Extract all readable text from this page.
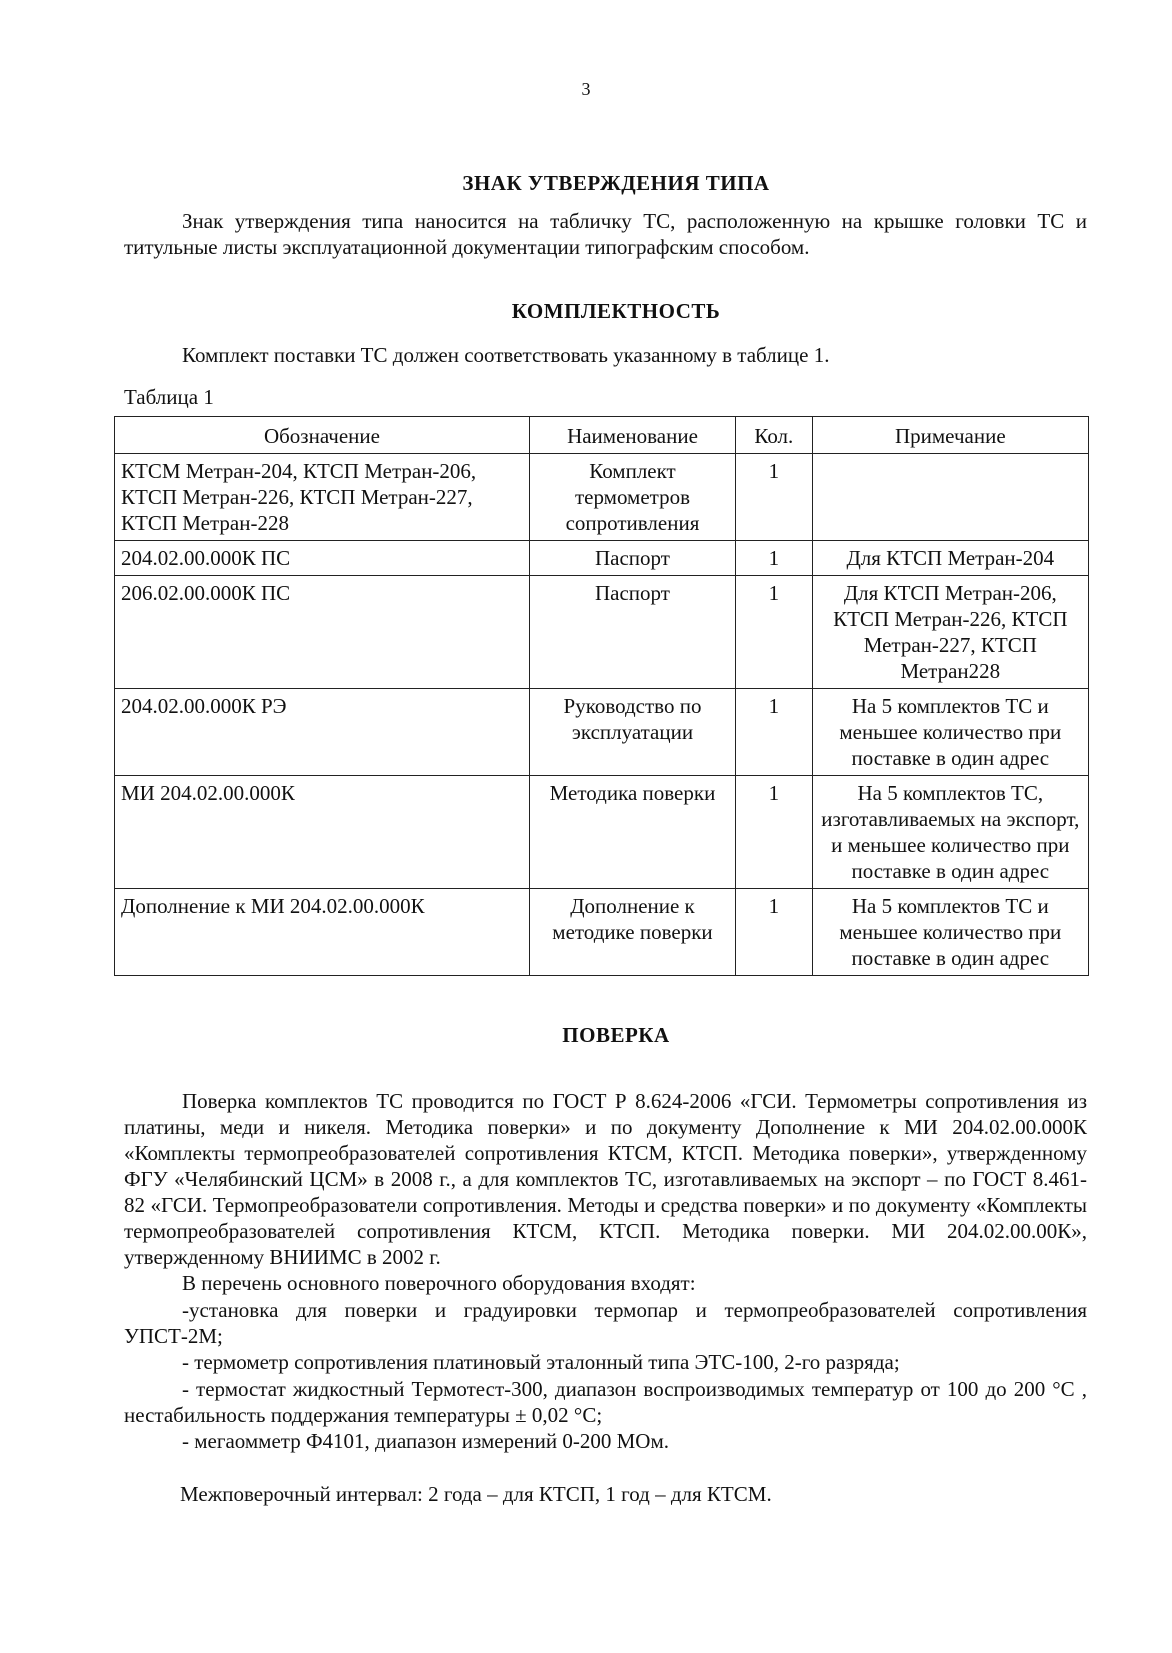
3
ЗНАК УТВЕРЖДЕНИЯ ТИПА
Знак утверждения типа наносится на табличку ТС, расположенную на крышке головки ТС и титульные листы эксплуатационной документации типографским способом.
КОМПЛЕКТНОСТЬ
Комплект поставки ТС должен соответствовать указанному в таблице 1.
Таблица 1
Обозначение	Наименование	Кол.	Примечание
КТСМ Метран-204, КТСП Метран-206, КТСП Метран-226, КТСП Метран-227, КТСП Метран-228	Комплект термометров сопротивления	1	
204.02.00.000К ПС	Паспорт	1	Для КТСП Метран-204
206.02.00.000К ПС	Паспорт	1	Для КТСП Метран-206, КТСП Метран-226, КТСП Метран-227, КТСП Метран228
204.02.00.000К РЭ	Руководство по эксплуатации	1	На 5 комплектов ТС и меньшее количество при поставке в один адрес
МИ 204.02.00.000К	Методика поверки	1	На 5 комплектов ТС, изготавливаемых на экспорт, и меньшее количество при поставке в один адрес
Дополнение к МИ 204.02.00.000К	Дополнение к методике поверки	1	На 5 комплектов ТС и меньшее количество при поставке в один адрес
ПОВЕРКА
Поверка комплектов ТС проводится по ГОСТ Р 8.624-2006 «ГСИ. Термометры сопротивления из платины, меди и никеля. Методика поверки» и по документу Дополнение к МИ 204.02.00.000К «Комплекты термопреобразователей сопротивления КТСМ, КТСП. Методика поверки», утвержденному ФГУ «Челябинский ЦСМ» в 2008 г., а для комплектов ТС, изготавливаемых на экспорт – по ГОСТ 8.461-82 «ГСИ. Термопреобразователи сопротивления. Методы и средства поверки» и по документу «Комплекты термопреобразователей сопротивления КТСМ, КТСП. Методика поверки. МИ 204.02.00.00К», утвержденному ВНИИМС в 2002 г.
В перечень основного поверочного оборудования входят:
-установка для поверки и градуировки термопар и термопреобразователей сопротивления УПСТ-2М;
- термометр сопротивления платиновый эталонный типа ЭТС-100, 2-го разряда;
- термостат жидкостный Термотест-300, диапазон воспроизводимых температур от 100 до 200 °С , нестабильность поддержания температуры ± 0,02 °С;
- мегаомметр Ф4101, диапазон измерений 0-200 МОм.
Межповерочный интервал: 2 года – для КТСП, 1 год – для КТСМ.
